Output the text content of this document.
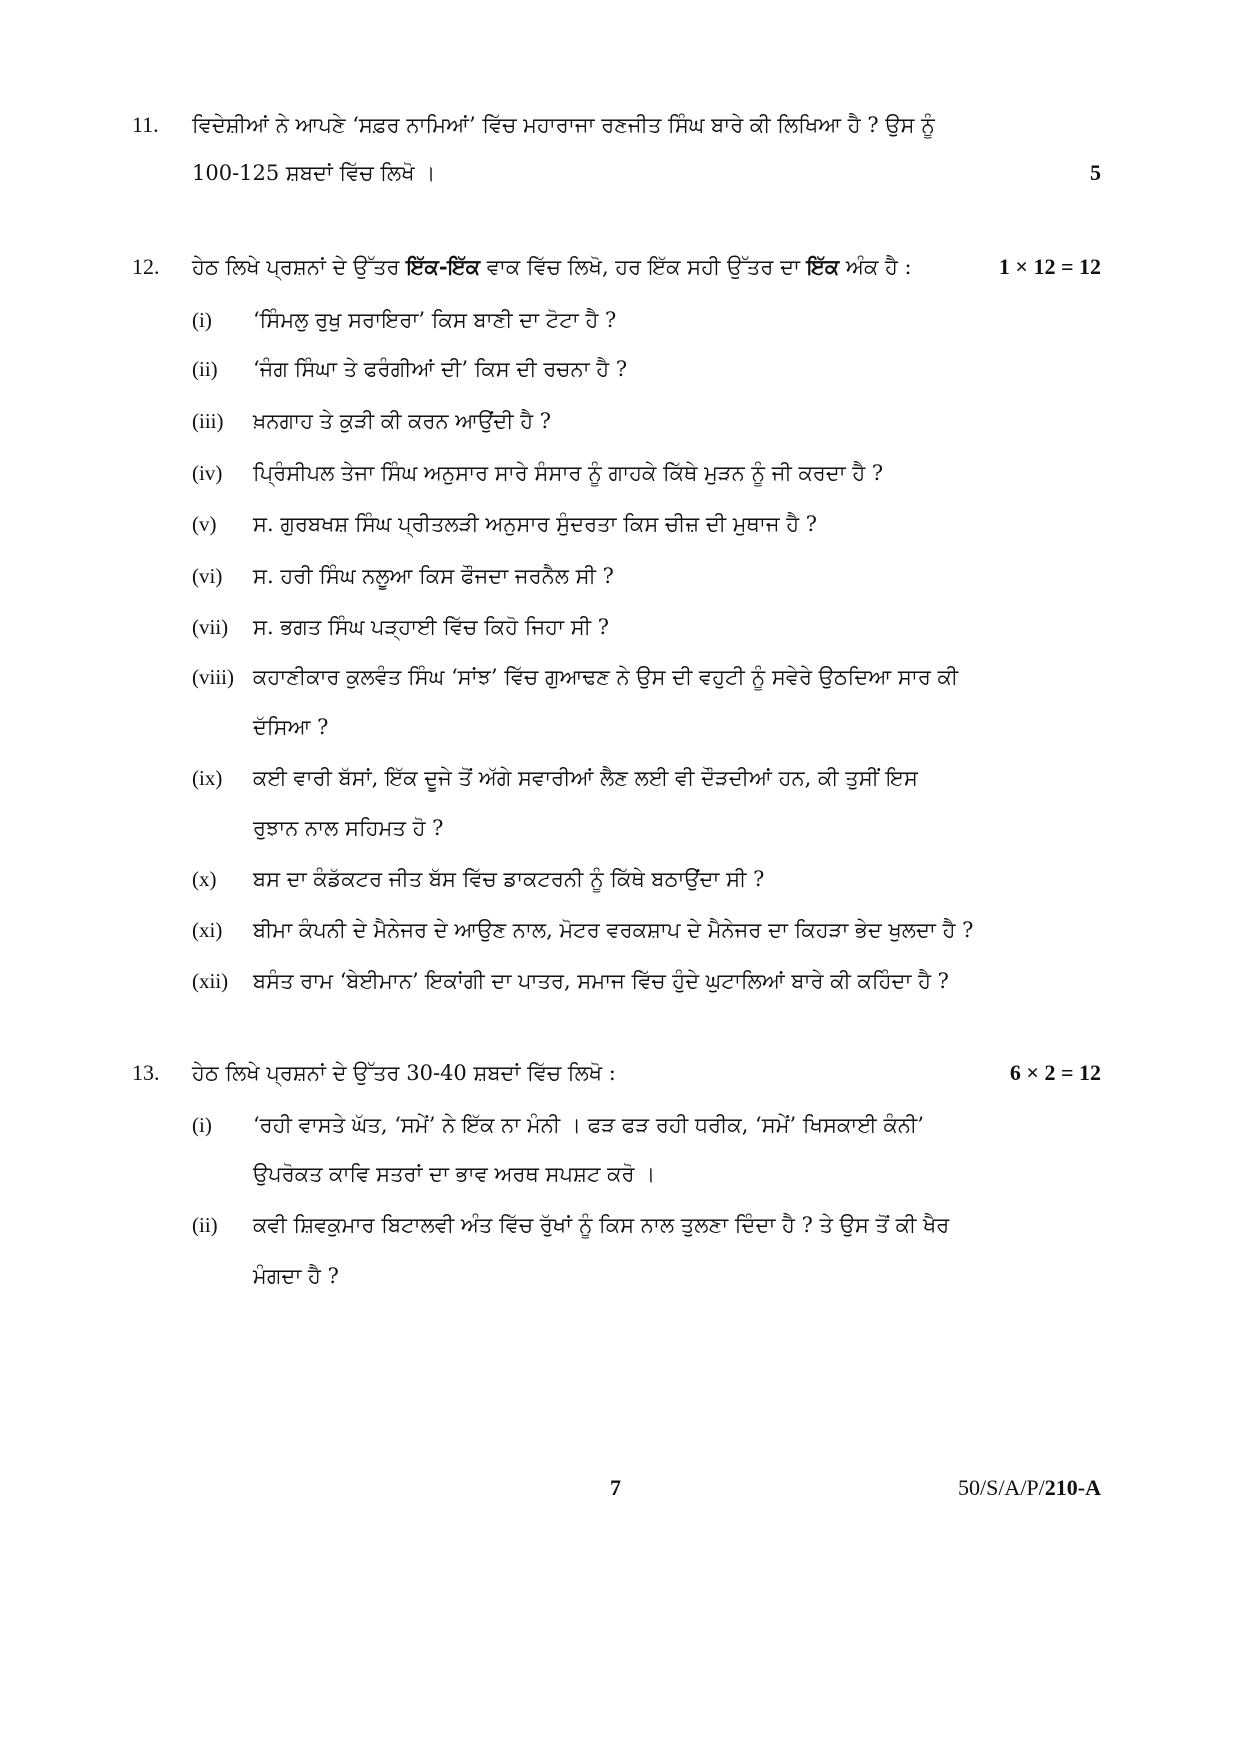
11. ਵਿਦੇਸ਼ੀਆਂ ਨੇ ਆਪਣੇ ‘ਸਫ਼ਰ ਨਾਮਿਆਂ’ ਵਿੱਚ ਮਹਾਰਾਜਾ ਰਣਜੀਤ ਸਿੰਘ ਬਾਰੇ ਕੀ ਲਿਖਿਆ ਹੈ ? ਉਸ ਨੂੰ
100-125 ਸ਼ਬਦਾਂ ਵਿੱਚ ਲਿਖੋ ।	5
12. ਹੇਠ ਲਿਖੇ ਪ੍ਰਸ਼ਨਾਂ ਦੇ ਉੱਤਰ ਇੱਕ-ਇੱਕ ਵਾਕ ਵਿੱਚ ਲਿਖੋ, ਹਰ ਇੱਕ ਸਹੀ ਉੱਤਰ ਦਾ ਇੱਕ ਅੰਕ ਹੈ :	1 × 12 = 12
(i) ‘ਸਿੰਮਲੁ ਰੁਖੁ ਸਰਾਇਰਾ’ ਕਿਸ ਬਾਣੀ ਦਾ ਟੋਟਾ ਹੈ ?
(ii) ‘ਜੰਗ ਸਿੰਘਾ ਤੇ ਫਰੰਗੀਆਂ ਦੀ’ ਕਿਸ ਦੀ ਰਚਨਾ ਹੈ ?
(iii) ਖ਼ਨਗਾਹ ਤੇ ਕੁੜੀ ਕੀ ਕਰਨ ਆਉਂਦੀ ਹੈ ?
(iv) ਪ੍ਰਿੰਸੀਪਲ ਤੇਜਾ ਸਿੰਘ ਅਨੁਸਾਰ ਸਾਰੇ ਸੰਸਾਰ ਨੂੰ ਗਾਹਕੇ ਕਿੱਥੇ ਮੁੜਨ ਨੂੰ ਜੀ ਕਰਦਾ ਹੈ ?
(v) ਸ. ਗੁਰਬਖਸ਼ ਸਿੰਘ ਪ੍ਰੀਤਲੜੀ ਅਨੁਸਾਰ ਸੁੰਦਰਤਾ ਕਿਸ ਚੀਜ਼ ਦੀ ਮੁਥਾਜ ਹੈ ?
(vi) ਸ. ਹਰੀ ਸਿੰਘ ਨਲੂਆ ਕਿਸ ਫੌਜਦਾ ਜਰਨੈਲ ਸੀ ?
(vii) ਸ. ਭਗਤ ਸਿੰਘ ਪੜ੍ਹਾਈ ਵਿੱਚ ਕਿਹੋ ਜਿਹਾ ਸੀ ?
(viii) ਕਹਾਣੀਕਾਰ ਕੁਲਵੰਤ ਸਿੰਘ ‘ਸਾਂਝ’ ਵਿੱਚ ਗੁਆਢਣ ਨੇ ਉਸ ਦੀ ਵਹੁਟੀ ਨੂੰ ਸਵੇਰੇ ਉਠਦਿਆ ਸਾਰ ਕੀ
ਦੱਸਿਆ ?
(ix) ਕਈ ਵਾਰੀ ਬੱਸਾਂ, ਇੱਕ ਦੂਜੇ ਤੋਂ ਅੱਗੇ ਸਵਾਰੀਆਂ ਲੈਣ ਲਈ ਵੀ ਦੌੜਦੀਆਂ ਹਨ, ਕੀ ਤੁਸੀਂ ਇਸ
ਰੁਝਾਨ ਨਾਲ ਸਹਿਮਤ ਹੋ ?
(x) ਬਸ ਦਾ ਕੰਡੱਕਟਰ ਜੀਤ ਬੱਸ ਵਿੱਚ ਡਾਕਟਰਨੀ ਨੂੰ ਕਿੱਥੇ ਬਠਾਉਂਦਾ ਸੀ ?
(xi) ਬੀਮਾ ਕੰਪਨੀ ਦੇ ਮੈਨੇਜਰ ਦੇ ਆਉਣ ਨਾਲ, ਮੋਟਰ ਵਰਕਸ਼ਾਪ ਦੇ ਮੈਨੇਜਰ ਦਾ ਕਿਹੜਾ ਭੇਦ ਖੁਲਦਾ ਹੈ ?
(xii) ਬਸੰਤ ਰਾਮ ‘ਬੇਈਮਾਨ’ ਇਕਾਂਗੀ ਦਾ ਪਾਤਰ, ਸਮਾਜ ਵਿੱਚ ਹੁੰਦੇ ਘੁਟਾਲਿਆਂ ਬਾਰੇ ਕੀ ਕਹਿੰਦਾ ਹੈ ?
13. ਹੇਠ ਲਿਖੇ ਪ੍ਰਸ਼ਨਾਂ ਦੇ ਉੱਤਰ 30-40 ਸ਼ਬਦਾਂ ਵਿੱਚ ਲਿਖੋ :	6 × 2 = 12
(i) ‘ਰਹੀ ਵਾਸਤੇ ਘੱਤ, ‘ਸਮੇਂ’ ਨੇ ਇੱਕ ਨਾ ਮੰਨੀ । ਫੜ ਫੜ ਰਹੀ ਧਰੀਕ, ‘ਸਮੇਂ’ ਖਿਸਕਾਈ ਕੰਨੀ’
ਉਪਰੋਕਤ ਕਾਵਿ ਸਤਰਾਂ ਦਾ ਭਾਵ ਅਰਥ ਸਪਸ਼ਟ ਕਰੋ ।
(ii) ਕਵੀ ਸ਼ਿਵਕੁਮਾਰ ਬਿਟਾਲਵੀ ਅੰਤ ਵਿੱਚ ਰੁੱਖਾਂ ਨੂੰ ਕਿਸ ਨਾਲ ਤੁਲਣਾ ਦਿੰਦਾ ਹੈ ? ਤੇ ਉਸ ਤੋਂ ਕੀ ਖੈਰ
ਮੰਗਦਾ ਹੈ ?
7	50/S/A/P/210-A
